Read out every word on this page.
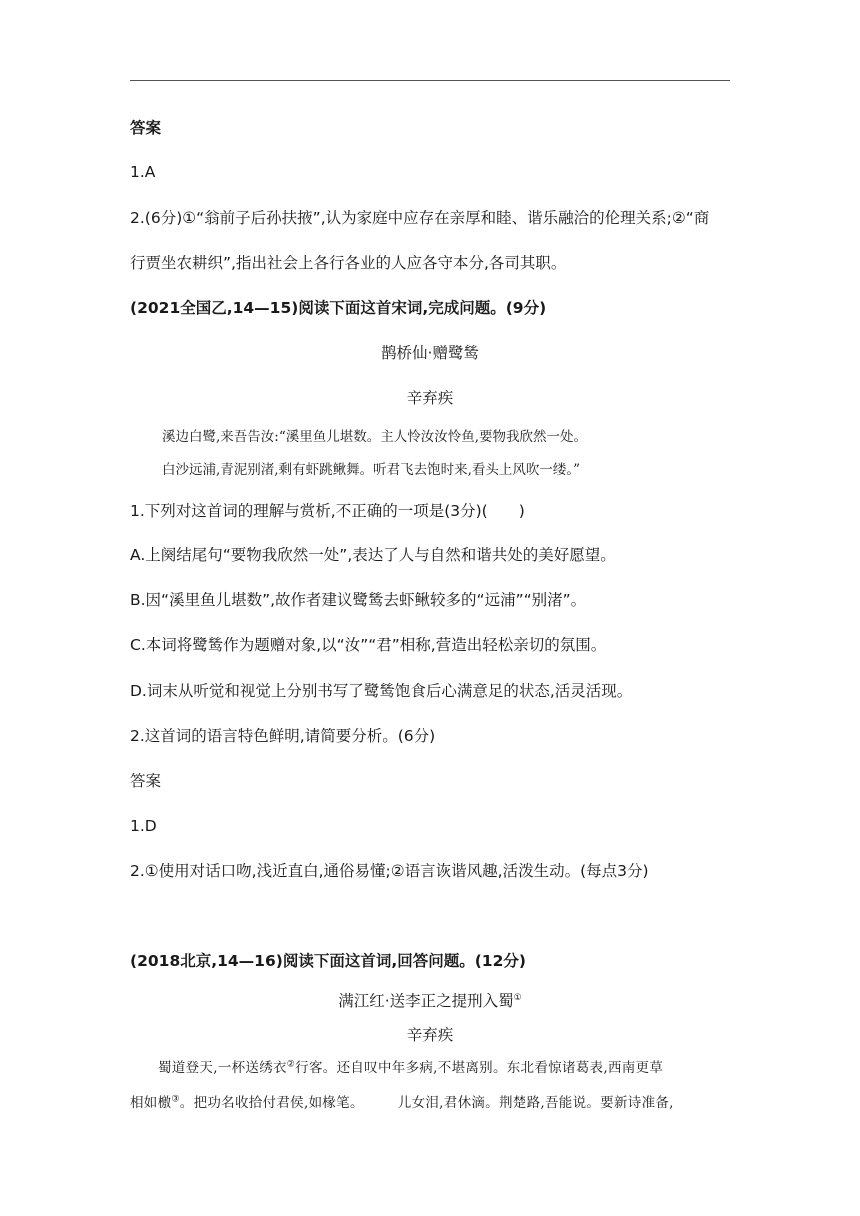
答案
1.A
2.(6分)①“翁前子后孙扶掖”,认为家庭中应存在亲厚和睦、谐乐融洽的伦理关系;②“商
行贾坐农耕织”,指出社会上各行各业的人应各守本分,各司其职。
(2021全国乙,14—15)阅读下面这首宋词,完成问题。(9分)
鹊桥仙·赠鹭鸶
辛弃疾
溪边白鹭,来吾告汝:“溪里鱼儿堪数。主人怜汝汝怜鱼,要物我欣然一处。
白沙远浦,青泥别渚,剩有虾跳鳅舞。听君飞去饱时来,看头上风吹一缕。”
1.下列对这首词的理解与赏析,不正确的一项是(3分)(　　)
A.上阕结尾句“要物我欣然一处”,表达了人与自然和谐共处的美好愿望。
B.因“溪里鱼儿堪数”,故作者建议鹭鸶去虾鳅较多的“远浦”“别渚”。
C.本词将鹭鸶作为题赠对象,以“汝”“君”相称,营造出轻松亲切的氛围。
D.词末从听觉和视觉上分别书写了鹭鸶饱食后心满意足的状态,活灵活现。
2.这首词的语言特色鲜明,请简要分析。(6分)
答案
1.D
2.①使用对话口吻,浅近直白,通俗易懂;②语言诙谐风趣,活泼生动。(每点3分)
(2018北京,14—16)阅读下面这首词,回答问题。(12分)
满江红·送李正之提刑入蜀①
辛弃疾
蜀道登天,一杯送绣衣②行客。还自叹中年多病,不堪离别。东北看惊诸葛表,西南更草
相如檄③。把功名收拾付君侯,如椽笔。	儿女泪,君休滴。荆楚路,吾能说。要新诗准备,
